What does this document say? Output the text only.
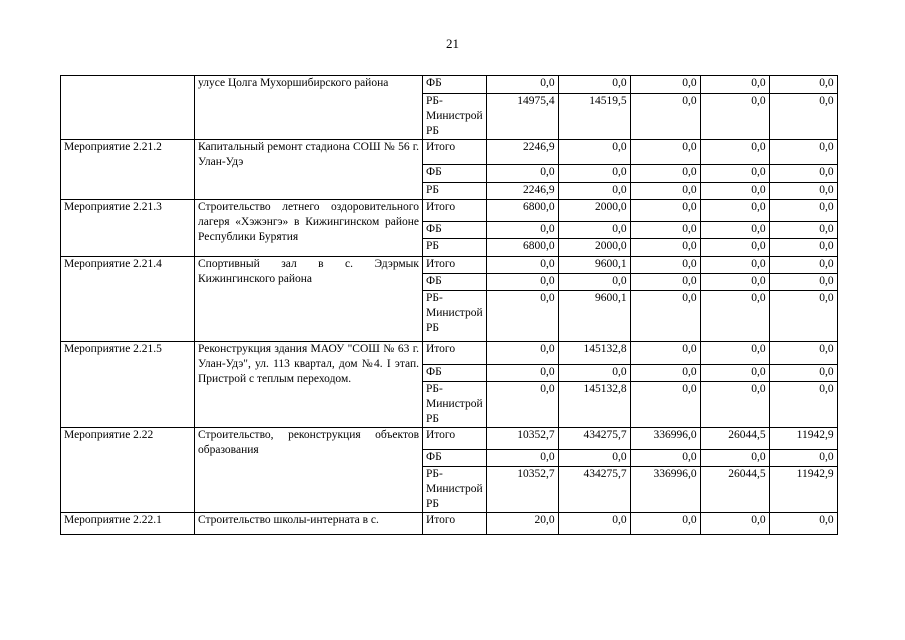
21
	улусе Цолга Мухоршибирского района	ФБ	0,0	0,0	0,0	0,0	0,0
		РБ-Министрой РБ	14975,4	14519,5	0,0	0,0	0,0
Мероприятие 2.21.2	Капитальный ремонт стадиона СОШ № 56 г. Улан-Удэ	Итого	2246,9	0,0	0,0	0,0	0,0
		ФБ	0,0	0,0	0,0	0,0	0,0
		РБ	2246,9	0,0	0,0	0,0	0,0
Мероприятие 2.21.3	Строительство летнего оздоровительного лагеря «Хэжэнгэ» в Кижингинском районе Республики Бурятия	Итого	6800,0	2000,0	0,0	0,0	0,0
		ФБ	0,0	0,0	0,0	0,0	0,0
		РБ	6800,0	2000,0	0,0	0,0	0,0
Мероприятие 2.21.4	Спортивный зал в с. Эдэрмык Кижингинского района	Итого	0,0	9600,1	0,0	0,0	0,0
		ФБ	0,0	0,0	0,0	0,0	0,0
		РБ-Министрой РБ	0,0	9600,1	0,0	0,0	0,0
Мероприятие 2.21.5	Реконструкция здания МАОУ "СОШ № 63 г. Улан-Удэ", ул. 113 квартал, дом №4. I этап. Пристрой с теплым переходом.	Итого	0,0	145132,8	0,0	0,0	0,0
		ФБ	0,0	0,0	0,0	0,0	0,0
		РБ-Министрой РБ	0,0	145132,8	0,0	0,0	0,0
Мероприятие 2.22	Строительство, реконструкция объектов образования	Итого	10352,7	434275,7	336996,0	26044,5	11942,9
		ФБ	0,0	0,0	0,0	0,0	0,0
		РБ-Министрой РБ	10352,7	434275,7	336996,0	26044,5	11942,9
Мероприятие 2.22.1	Строительство школы-интерната в с.	Итого	20,0	0,0	0,0	0,0	0,0
